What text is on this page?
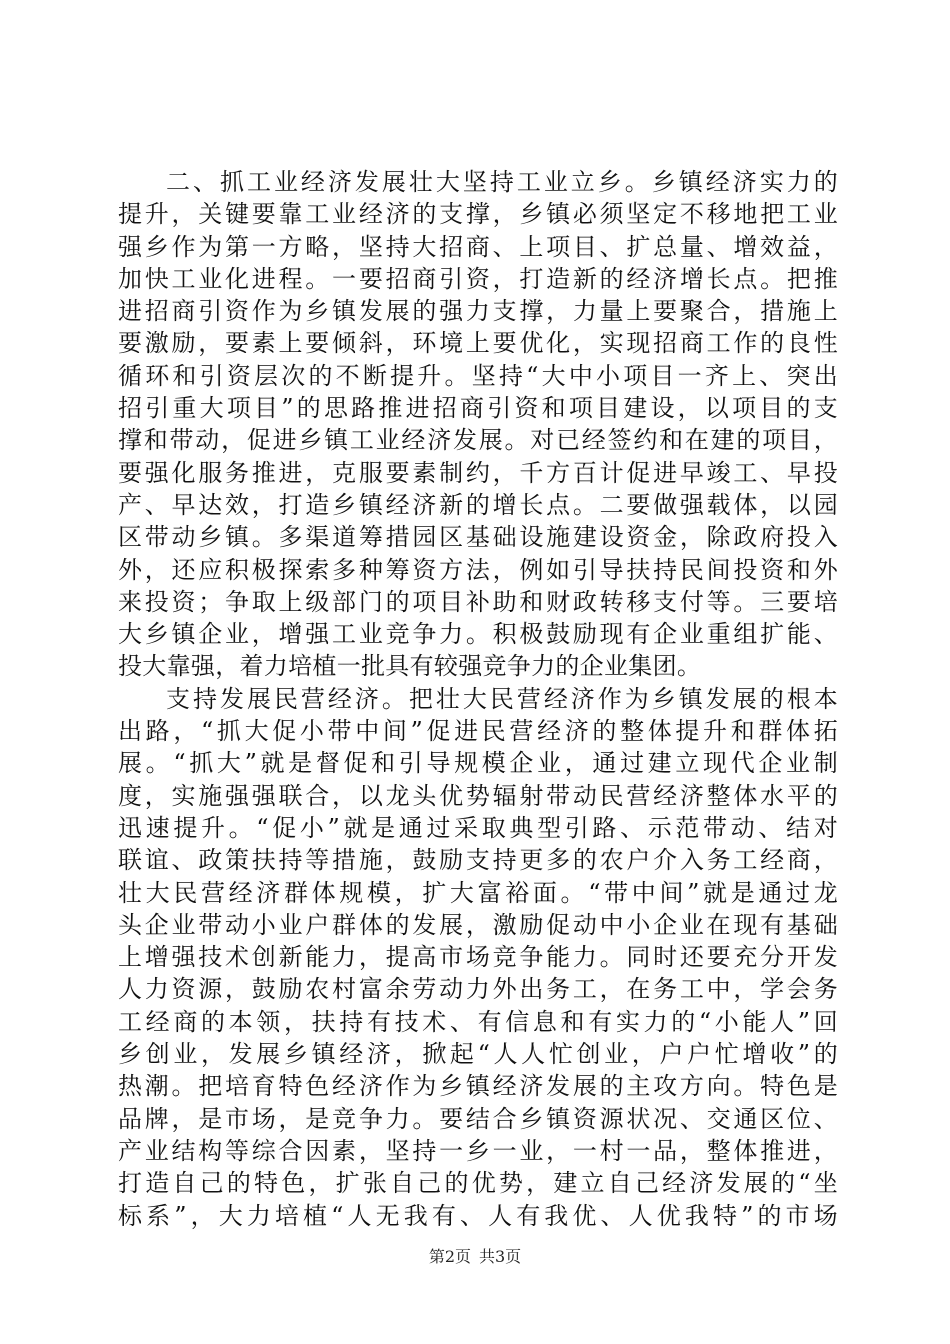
二、抓工业经济发展壮大坚持工业立乡。乡镇经济实力的
提升，关键要靠工业经济的支撑，乡镇必须坚定不移地把工业
强乡作为第一方略，坚持大招商、上项目、扩总量、增效益，
加快工业化进程。一要招商引资，打造新的经济增长点。把推
进招商引资作为乡镇发展的强力支撑，力量上要聚合，措施上
要激励，要素上要倾斜，环境上要优化，实现招商工作的良性
循环和引资层次的不断提升。坚持“大中小项目一齐上、突出
招引重大项目”的思路推进招商引资和项目建设，以项目的支
撑和带动，促进乡镇工业经济发展。对已经签约和在建的项目，
要强化服务推进，克服要素制约，千方百计促进早竣工、早投
产、早达效，打造乡镇经济新的增长点。二要做强载体，以园
区带动乡镇。多渠道筹措园区基础设施建设资金，除政府投入
外，还应积极探索多种筹资方法，例如引导扶持民间投资和外
来投资；争取上级部门的项目补助和财政转移支付等。三要培
大乡镇企业，增强工业竞争力。积极鼓励现有企业重组扩能、
投大靠强，着力培植一批具有较强竞争力的企业集团。
支持发展民营经济。把壮大民营经济作为乡镇发展的根本
出路，“抓大促小带中间”促进民营经济的整体提升和群体拓
展。“抓大”就是督促和引导规模企业，通过建立现代企业制
度，实施强强联合，以龙头优势辐射带动民营经济整体水平的
迅速提升。“促小”就是通过采取典型引路、示范带动、结对
联谊、政策扶持等措施，鼓励支持更多的农户介入务工经商，
壮大民营经济群体规模，扩大富裕面。“带中间”就是通过龙
头企业带动小业户群体的发展，激励促动中小企业在现有基础
上增强技术创新能力，提高市场竞争能力。同时还要充分开发
人力资源，鼓励农村富余劳动力外出务工，在务工中，学会务
工经商的本领，扶持有技术、有信息和有实力的“小能人”回
乡创业，发展乡镇经济，掀起“人人忙创业，户户忙增收”的
热潮。把培育特色经济作为乡镇经济发展的主攻方向。特色是
品牌，是市场，是竞争力。要结合乡镇资源状况、交通区位、
产业结构等综合因素，坚持一乡一业，一村一品，整体推进，
打造自己的特色，扩张自己的优势，建立自己经济发展的“坐
标系”，大力培植“人无我有、人有我优、人优我特”的市场
第2页 共3页
